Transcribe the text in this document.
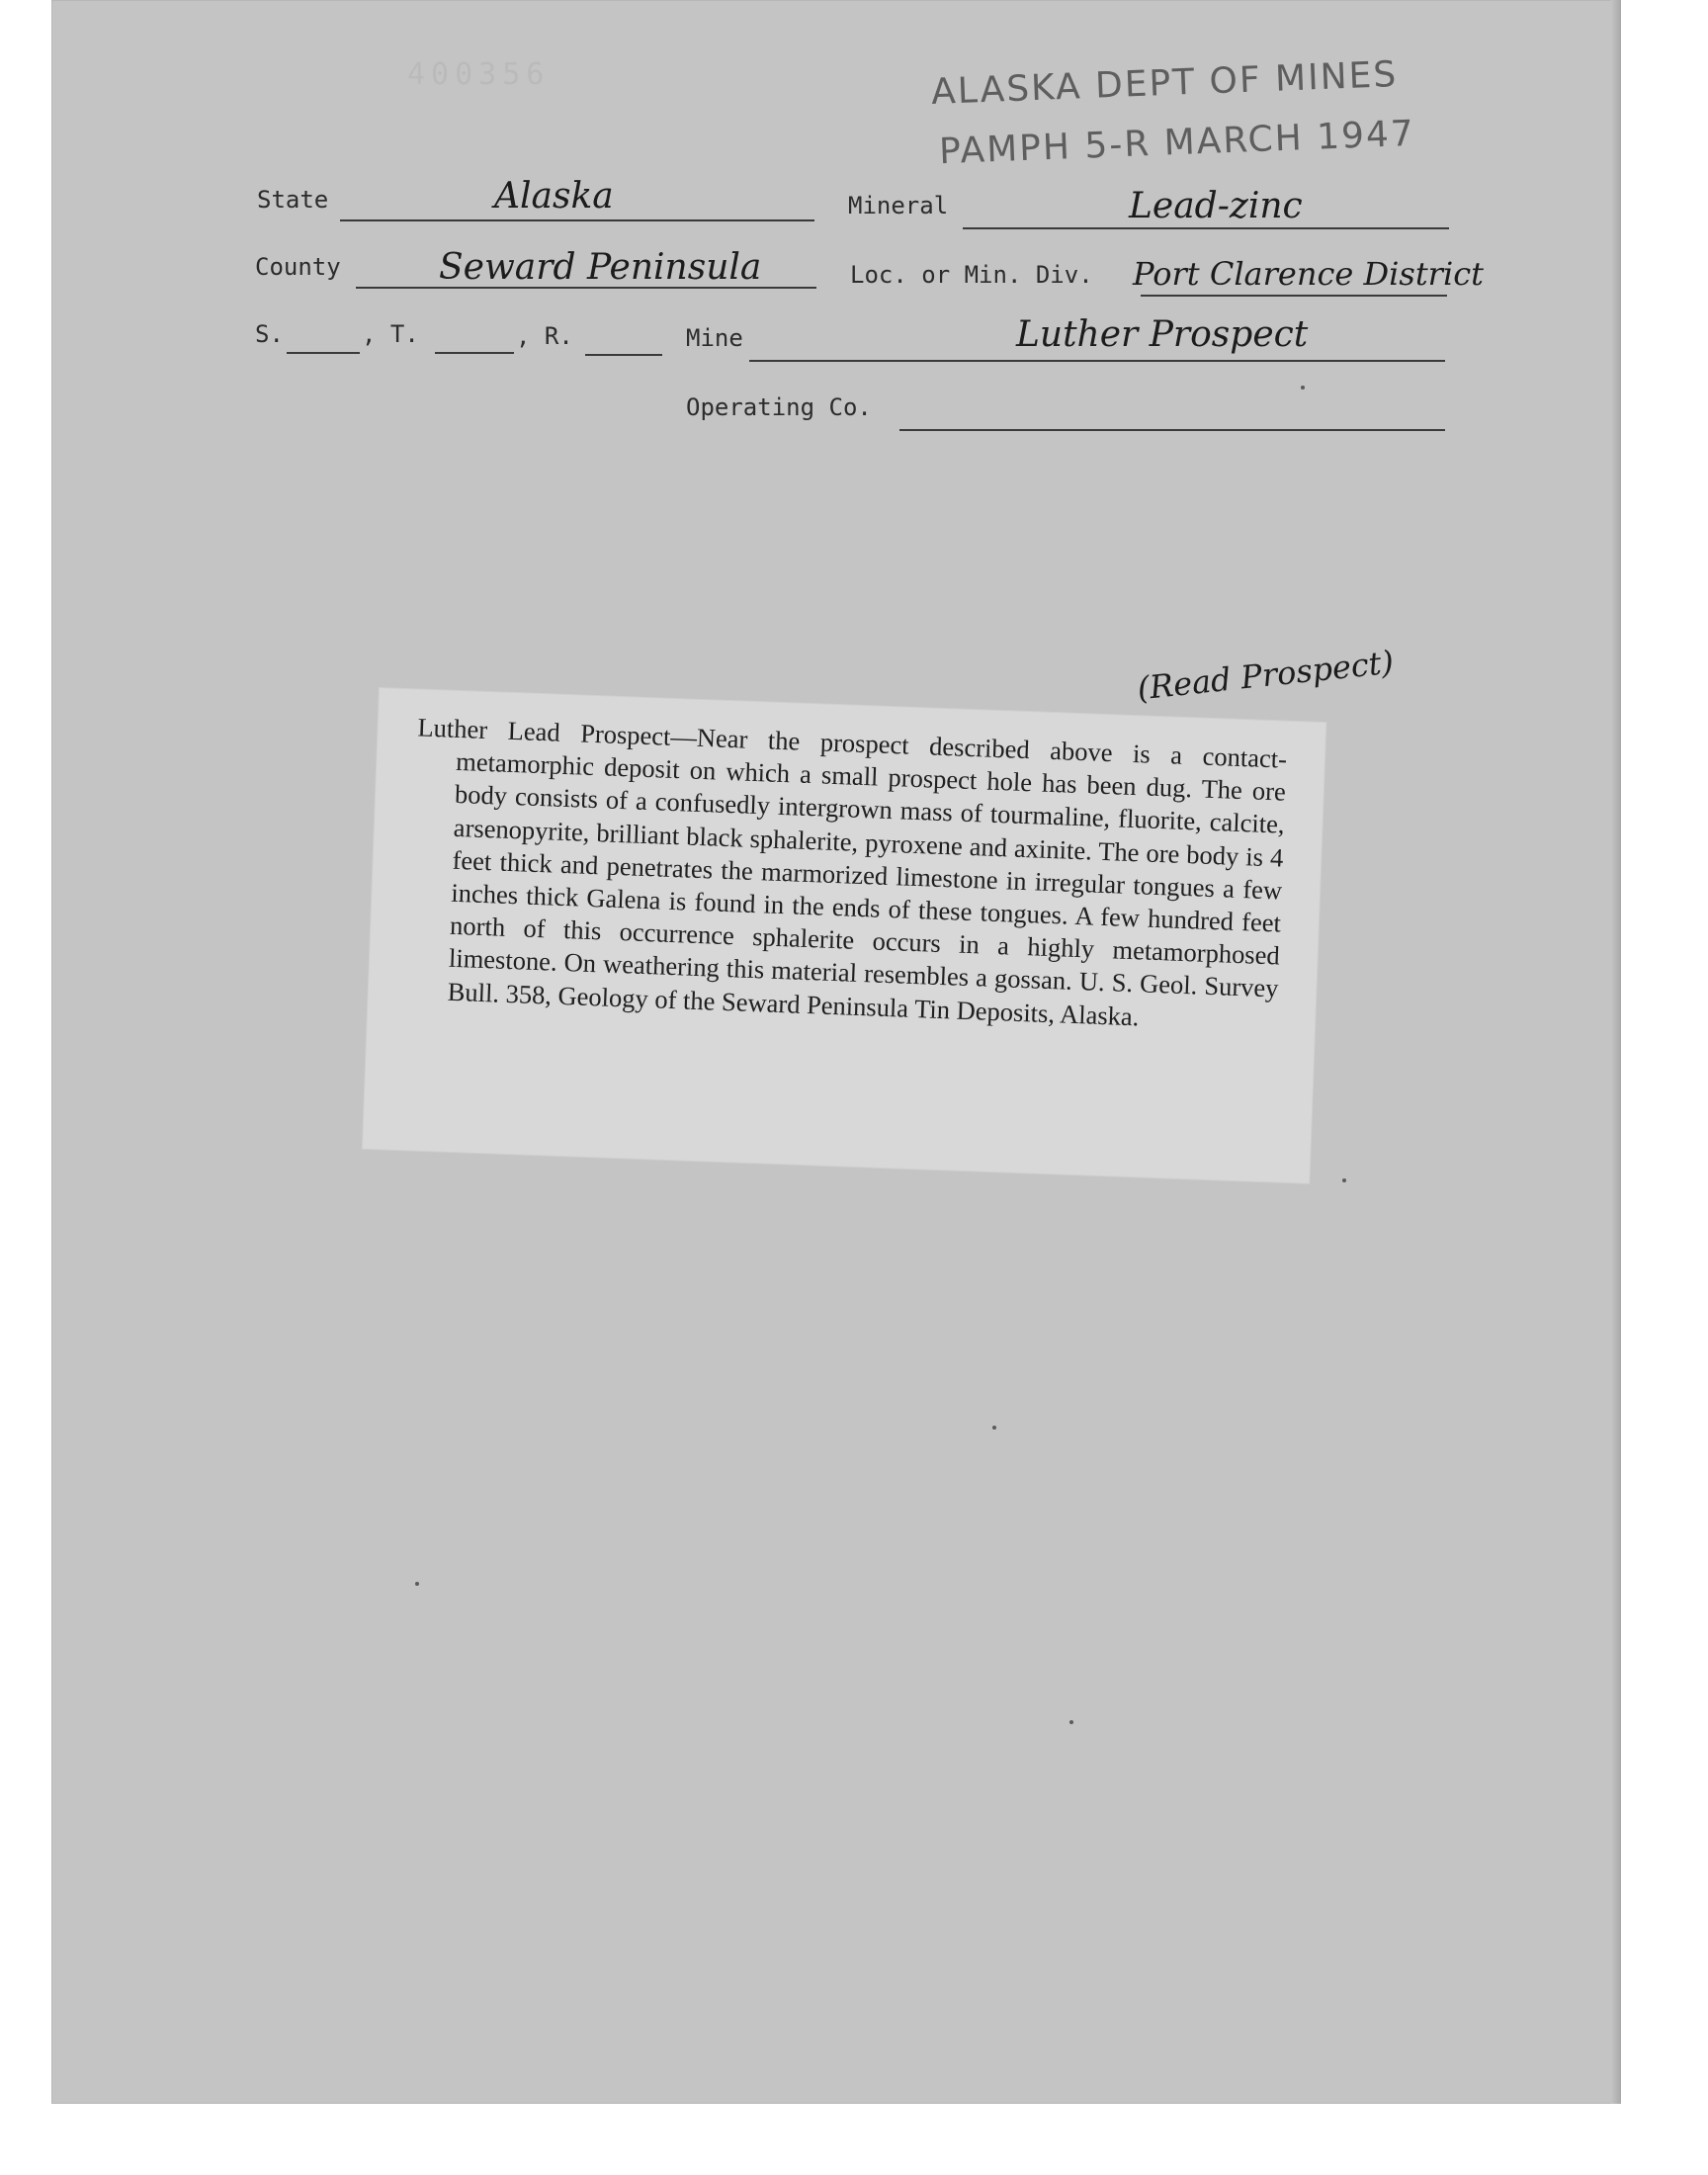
400356	ALASKA DEPT OF MINES
PAMPH 5-R MARCH 1947
State	Alaska	Mineral	Lead-zinc
County	Seward Peninsula	Loc. or Min. Div. Port Clarence District
S.	, T.	, R.	Mine	Luther Prospect
Operating Co.
(Read Prospect)

Luther Lead Prospect—Near the prospect described above is a contact-metamorphic deposit on which a small prospect hole has been dug. The ore body consists of a confusedly intergrown mass of tourmaline, fluorite, calcite, arsenopyrite, brilliant black sphalerite, pyroxene and axinite. The ore body is 4 feet thick and penetrates the marmorized limestone in irregular tongues a few inches thick Galena is found in the ends of these tongues. A few hundred feet north of this occurrence sphalerite occurs in a highly metamorphosed limestone. On weathering this material resembles a gossan. U. S. Geol. Survey Bull. 358, Geology of the Seward Peninsula Tin Deposits, Alaska.
